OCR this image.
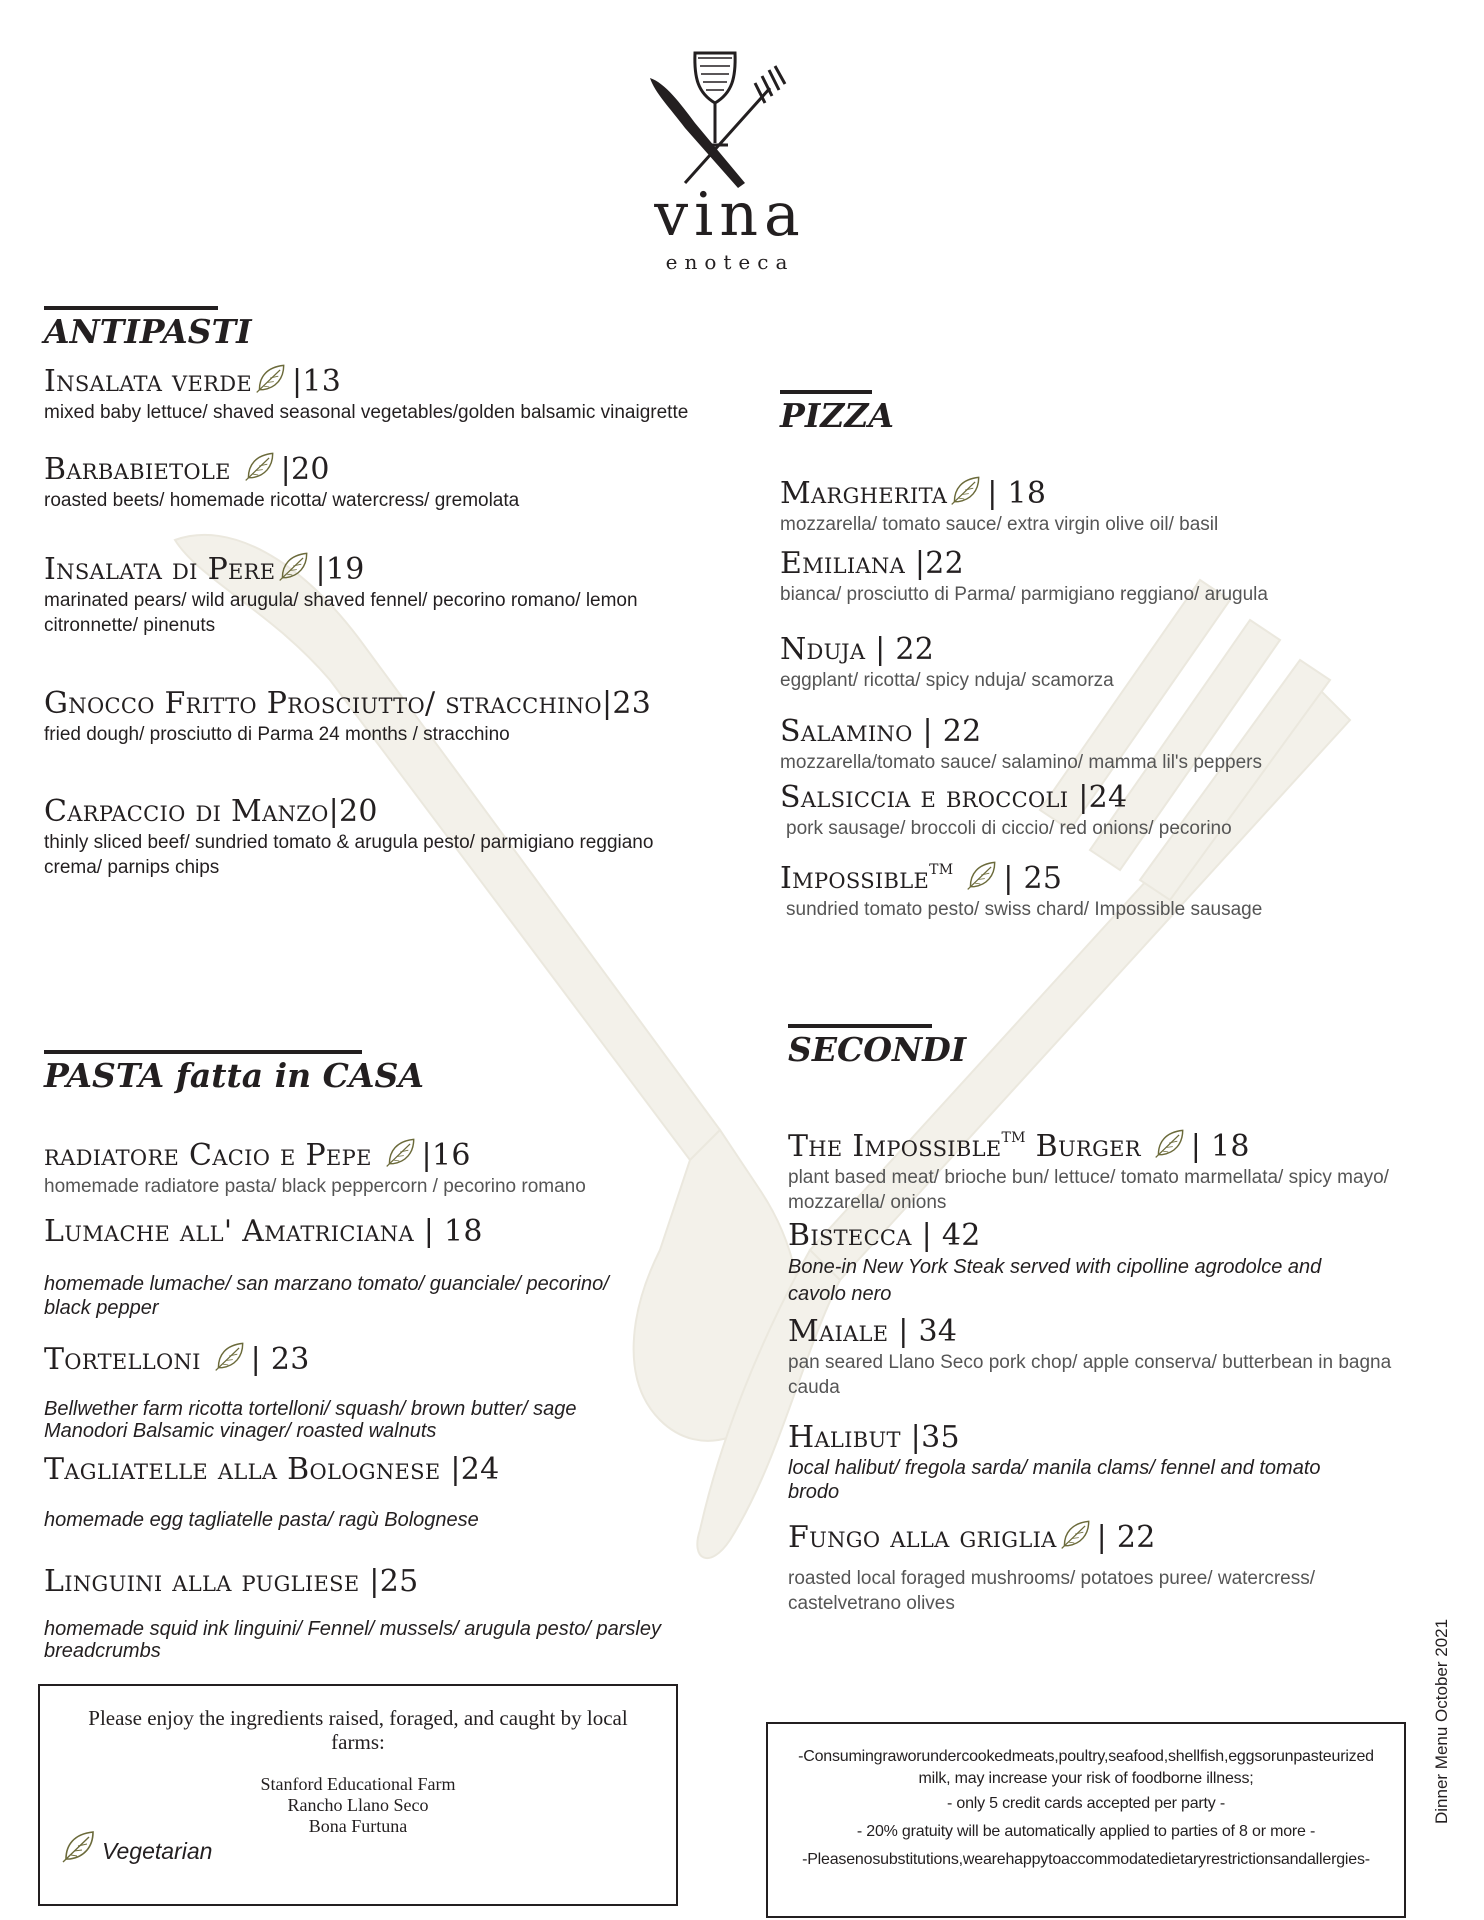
vina
enoteca
ANTIPASTI
Insalata verde |13
mixed baby lettuce/ shaved seasonal vegetables/golden balsamic vinaigrette
Barbabietole |20
roasted beets/ homemade ricotta/ watercress/ gremolata
Insalata di Pere |19
marinated pears/ wild arugula/ shaved fennel/ pecorino romano/ lemon
citronnette/ pinenuts
Gnocco Fritto Prosciutto/ stracchino|23
fried dough/ prosciutto di Parma 24 months / stracchino
Carpaccio di Manzo|20
thinly sliced beef/ sundried tomato & arugula pesto/ parmigiano reggiano
crema/ parnips chips
PIZZA
Margherita | 18
mozzarella/ tomato sauce/ extra virgin olive oil/ basil
Emiliana |22
bianca/ prosciutto di Parma/ parmigiano reggiano/ arugula
Nduja | 22
eggplant/ ricotta/ spicy nduja/ scamorza
Salamino | 22
mozzarella/tomato sauce/ salamino/ mamma lil's peppers
Salsiccia e broccoli |24
pork sausage/ broccoli di ciccio/ red onions/ pecorino
Impossible™ | 25
sundried tomato pesto/ swiss chard/ Impossible sausage
PASTA fatta in CASA
radiatore Cacio e Pepe |16
homemade radiatore pasta/ black peppercorn / pecorino romano
Lumache all' Amatriciana | 18
homemade lumache/ san marzano tomato/ guanciale/ pecorino/
black pepper
Tortelloni | 23
Bellwether farm ricotta tortelloni/ squash/ brown butter/ sage
Manodori Balsamic vinager/ roasted walnuts
Tagliatelle alla Bolognese |24
homemade egg tagliatelle pasta/ ragù Bolognese
Linguini alla pugliese |25
homemade squid ink linguini/ Fennel/ mussels/ arugula pesto/ parsley
breadcrumbs
SECONDI
The Impossible™ Burger | 18
plant based meat/ brioche bun/ lettuce/ tomato marmellata/ spicy mayo/
mozzarella/ onions
Bistecca | 42
Bone-in New York Steak served with cipolline agrodolce and
cavolo nero
Maiale | 34
pan seared Llano Seco pork chop/ apple conserva/ butterbean in bagna
cauda
Halibut |35
local halibut/ fregola sarda/ manila clams/ fennel and tomato
brodo
Fungo alla griglia | 22
roasted local foraged mushrooms/ potatoes puree/ watercress/
castelvetrano olives
Please enjoy the ingredients raised, foraged, and caught by local
farms:
Stanford Educational Farm
Rancho Llano Seco
Bona Furtuna
Vegetarian
-Consumingraworundercookedmeats,poultry,seafood,shellfish,eggsorunpasteurized
milk, may increase your risk of foodborne illness;
- only 5 credit cards accepted per party -
- 20% gratuity will be automatically applied to parties of 8 or more -
-Pleasenosubstitutions,wearehappytoaccommodatedietaryrestrictionsandallergies-
Dinner Menu October 2021
